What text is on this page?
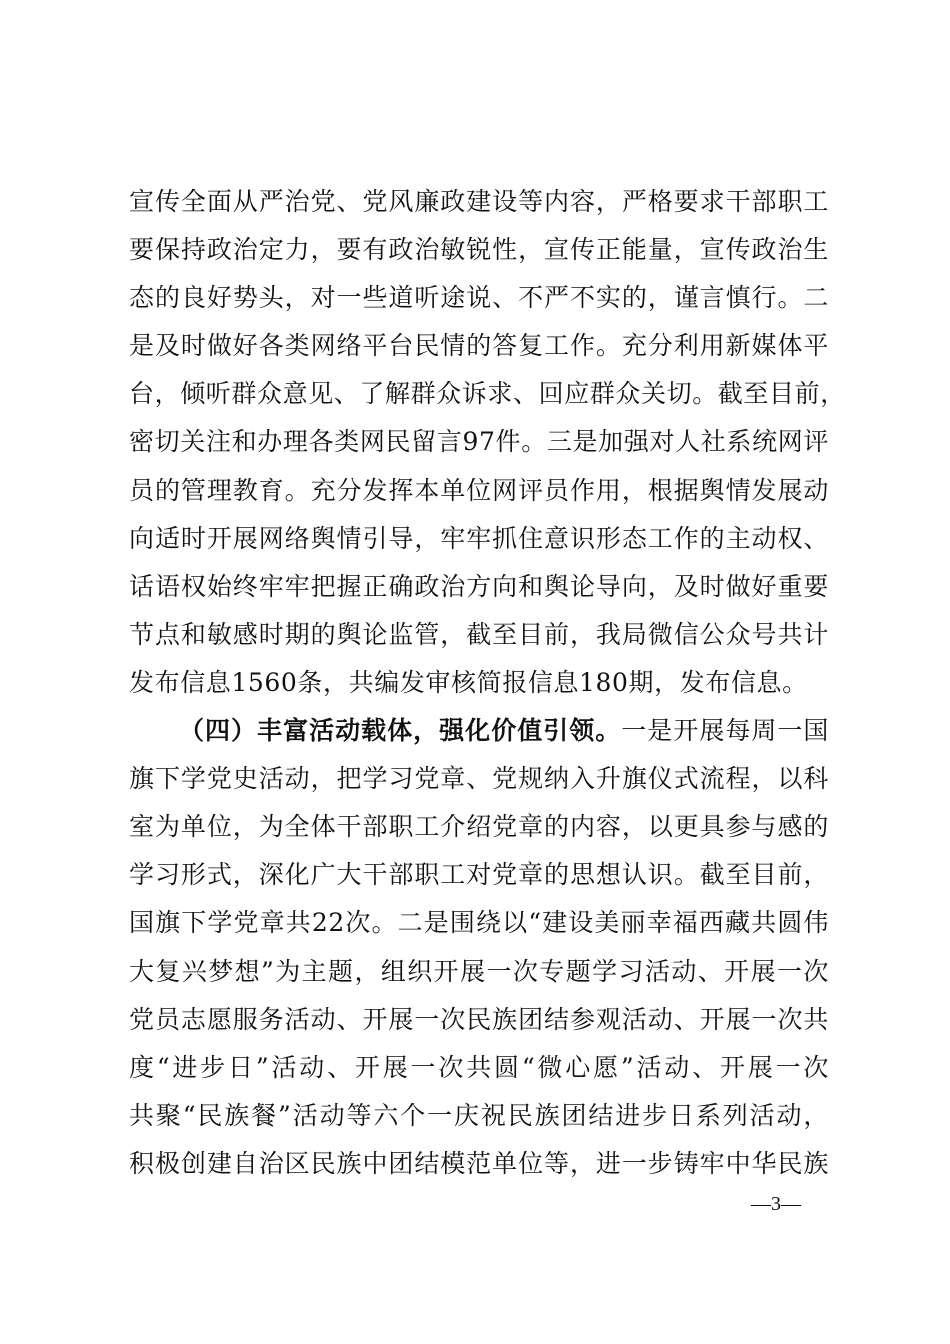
宣传全面从严治党、党风廉政建设等内容，严格要求干部职工
要保持政治定力，要有政治敏锐性，宣传正能量，宣传政治生
态的良好势头，对一些道听途说、不严不实的，谨言慎行。二
是及时做好各类网络平台民情的答复工作。充分利用新媒体平
台，倾听群众意见、了解群众诉求、回应群众关切。截至目前，
密切关注和办理各类网民留言97件。三是加强对人社系统网评
员的管理教育。充分发挥本单位网评员作用，根据舆情发展动
向适时开展网络舆情引导，牢牢抓住意识形态工作的主动权、
话语权始终牢牢把握正确政治方向和舆论导向，及时做好重要
节点和敏感时期的舆论监管，截至目前，我局微信公众号共计
发布信息1560条，共编发审核简报信息180期，发布信息。
（四）丰富活动载体，强化价值引领。一是开展每周一国
旗下学党史活动，把学习党章、党规纳入升旗仪式流程，以科
室为单位，为全体干部职工介绍党章的内容，以更具参与感的
学习形式，深化广大干部职工对党章的思想认识。截至目前，
国旗下学党章共22次。二是围绕以“建设美丽幸福西藏共圆伟
大复兴梦想”为主题，组织开展一次专题学习活动、开展一次
党员志愿服务活动、开展一次民族团结参观活动、开展一次共
度“进步日”活动、开展一次共圆“微心愿”活动、开展一次
共聚“民族餐”活动等六个一庆祝民族团结进步日系列活动，
积极创建自治区民族中团结模范单位等，进一步铸牢中华民族
—3—
